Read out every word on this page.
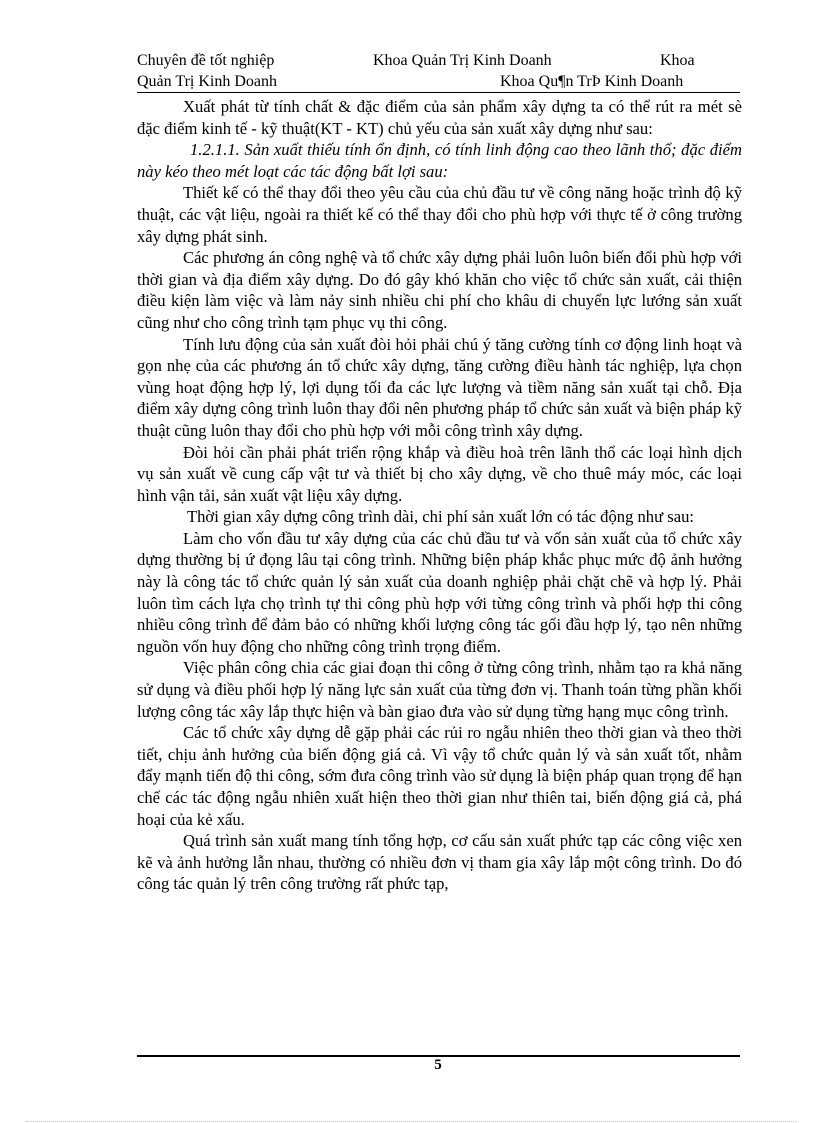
Chuyên đề tốt nghiệp	Khoa Quản Trị Kinh Doanh	Khoa
Quản Trị Kinh Doanh	Khoa Qu¶n TrÞ Kinh Doanh

Xuất phát từ tính chất & đặc điểm của sản phẩm xây dựng ta có thể rút ra mét sè đặc điểm kinh tế - kỹ thuật(KT - KT) chủ yếu của sản xuất xây dựng như sau:

1.2.1.1. Sản xuất thiếu tính ổn định, có tính linh động cao theo lãnh thổ; đặc điểm này kéo theo mét loạt các tác động bất lợi sau:

Thiết kế có thể thay đổi theo yêu cầu của chủ đầu tư về công năng hoặc trình độ kỹ thuật, các vật liệu, ngoài ra thiết kế có thể thay đổi cho phù hợp với thực tế ở công trường xây dựng phát sinh.

Các phương án công nghệ và tổ chức xây dựng phải luôn luôn biến đổi phù hợp với thời gian và địa điểm xây dựng. Do đó gây khó khăn cho việc tổ chức sản xuất, cải thiện điều kiện làm việc và làm nảy sinh nhiều chi phí cho khâu di chuyển lực lướng sản xuất cũng như cho công trình tạm phục vụ thi công.

Tính lưu động của sản xuất đòi hỏi phải chú ý tăng cường tính cơ động linh hoạt và gọn nhẹ của các phương án tổ chức xây dựng, tăng cường điều hành tác nghiệp, lựa chọn vùng hoạt động hợp lý, lợi dụng tối đa các lực lượng và tiềm năng sản xuất tại chỗ. Địa điểm xây dựng công trình luôn thay đổi nên phương pháp tổ chức sản xuất và biện pháp kỹ thuật cũng luôn thay đổi cho phù hợp với mỗi công trình xây dựng.

Đòi hỏi cần phải phát triển rộng khắp và điều hoà trên lãnh thổ các loại hình dịch vụ sản xuất về cung cấp vật tư và thiết bị cho xây dựng, về cho thuê máy móc, các loại hình vận tải, sản xuất vật liệu xây dựng.

Thời gian xây dựng công trình dài, chi phí sản xuất lớn có tác động như sau:

Làm cho vốn đầu tư xây dựng của các chủ đầu tư và vốn sản xuất của tổ chức xây dựng thường bị ứ đọng lâu tại công trình. Những biện pháp khắc phục mức độ ảnh hưởng này là công tác tổ chức quản lý sản xuất của doanh nghiệp phải chặt chẽ và hợp lý. Phải luôn tìm cách lựa chọ trình tự thi công phù hợp với từng công trình và phối hợp thi công nhiều công trình để đảm bảo có những khối lượng công tác gối đầu hợp lý, tạo nên những nguồn vốn huy động cho những công trình trọng điểm.

Việc phân công chia các giai đoạn thi công ở từng công trình, nhằm tạo ra khả năng sử dụng và điều phối hợp lý năng lực sản xuất của từng đơn vị. Thanh toán từng phần khối lượng công tác xây lắp thực hiện và bàn giao đưa vào sử dụng từng hạng mục công trình.

Các tổ chức xây dựng dễ gặp phải các rủi ro ngẫu nhiên theo thời gian và theo thời tiết, chịu ảnh hưởng của biến động giá cả. Vì vậy tổ chức quản lý và sản xuất tốt, nhằm đẩy mạnh tiến độ thi công, sớm đưa công trình vào sử dụng là biện pháp quan trọng để hạn chế các tác động ngẫu nhiên xuất hiện theo thời gian như thiên tai, biến động giá cả, phá hoại của kẻ xấu.

Quá trình sản xuất mang tính tổng hợp, cơ cấu sản xuất phức tạp các công việc xen kẽ và ảnh hưởng lẫn nhau, thường có nhiều đơn vị tham gia xây lắp một công trình. Do đó công tác quản lý trên công trường rất phức tạp,

5
